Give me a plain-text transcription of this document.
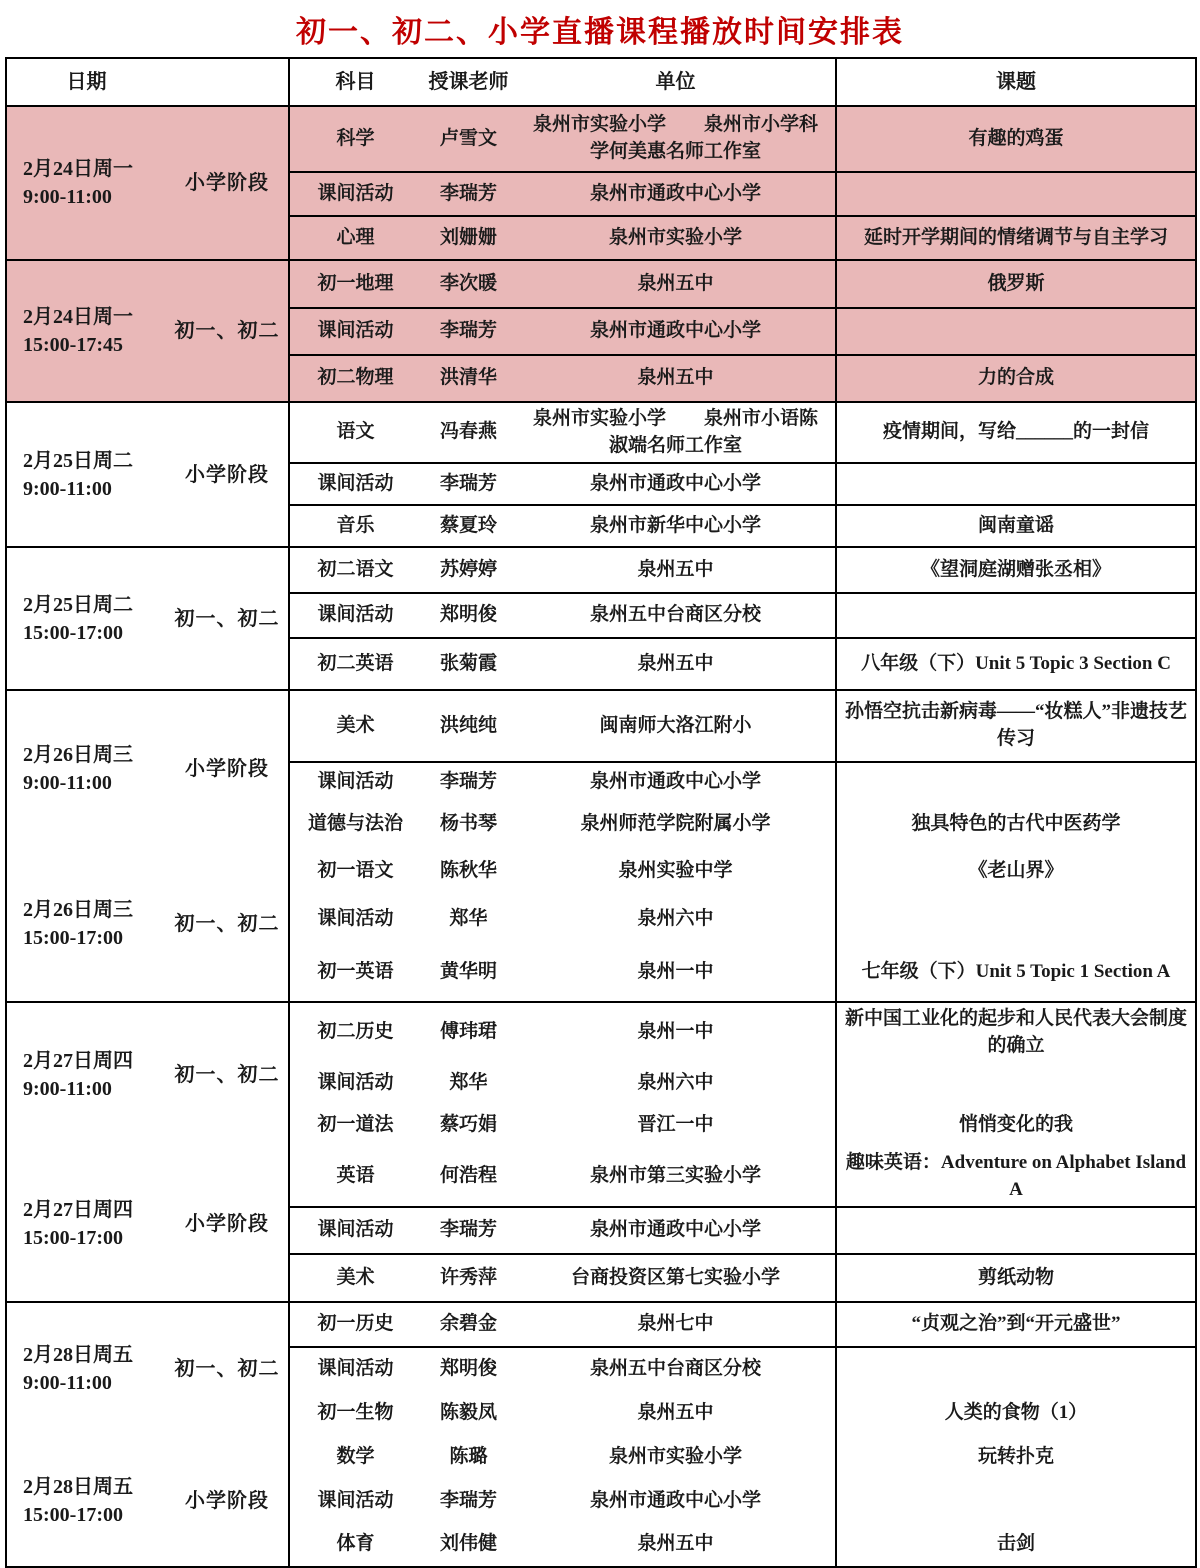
初一、初二、小学直播课程播放时间安排表
日期		科目	授课老师	单位	课题

2月24日周一
9:00-11:00	小学阶段	科学	卢雪文	泉州市实验小学　　泉州市小学科学何美惠名师工作室	有趣的鸡蛋
		课间活动	李瑞芳	泉州市通政中心小学	
		心理	刘姗姗	泉州市实验小学	延时开学期间的情绪调节与自主学习

2月24日周一
15:00-17:45	初一、初二	初一地理	李次暖	泉州五中	俄罗斯
		课间活动	李瑞芳	泉州市通政中心小学	
		初二物理	洪清华	泉州五中	力的合成

2月25日周二
9:00-11:00	小学阶段	语文	冯春燕	泉州市实验小学　　泉州市小语陈淑端名师工作室	疫情期间，写给______的一封信
		课间活动	李瑞芳	泉州市通政中心小学	
		音乐	蔡夏玲	泉州市新华中心小学	闽南童谣

2月25日周二
15:00-17:00	初一、初二	初二语文	苏婷婷	泉州五中	《望洞庭湖赠张丞相》
		课间活动	郑明俊	泉州五中台商区分校	
		初二英语	张菊霞	泉州五中	八年级（下）Unit 5 Topic 3 Section C

2月26日周三
9:00-11:00	小学阶段	美术	洪纯纯	闽南师大洛江附小	孙悟空抗击新病毒——“妆糕人”非遗技艺传习
		课间活动	李瑞芳	泉州市通政中心小学	
		道德与法治	杨书琴	泉州师范学院附属小学	独具特色的古代中医药学

2月26日周三
15:00-17:00	初一、初二	初一语文	陈秋华	泉州实验中学	《老山界》
		课间活动	郑华	泉州六中	
		初一英语	黄华明	泉州一中	七年级（下）Unit 5 Topic 1 Section A

2月27日周四
9:00-11:00	初一、初二	初二历史	傅玮珺	泉州一中	新中国工业化的起步和人民代表大会制度的确立
		课间活动	郑华	泉州六中	
		初一道法	蔡巧娟	晋江一中	悄悄变化的我

2月27日周四
15:00-17:00	小学阶段	英语	何浩程	泉州市第三实验小学	趣味英语：Adventure on Alphabet Island A
		课间活动	李瑞芳	泉州市通政中心小学	
		美术	许秀萍	台商投资区第七实验小学	剪纸动物

2月28日周五
9:00-11:00	初一、初二	初一历史	余碧金	泉州七中	“贞观之治”到“开元盛世”
		课间活动	郑明俊	泉州五中台商区分校	
		初一生物	陈毅凤	泉州五中	人类的食物（1）

2月28日周五
15:00-17:00	小学阶段	数学	陈璐	泉州市实验小学	玩转扑克
		课间活动	李瑞芳	泉州市通政中心小学	
		体育	刘伟健	泉州五中	击剑
